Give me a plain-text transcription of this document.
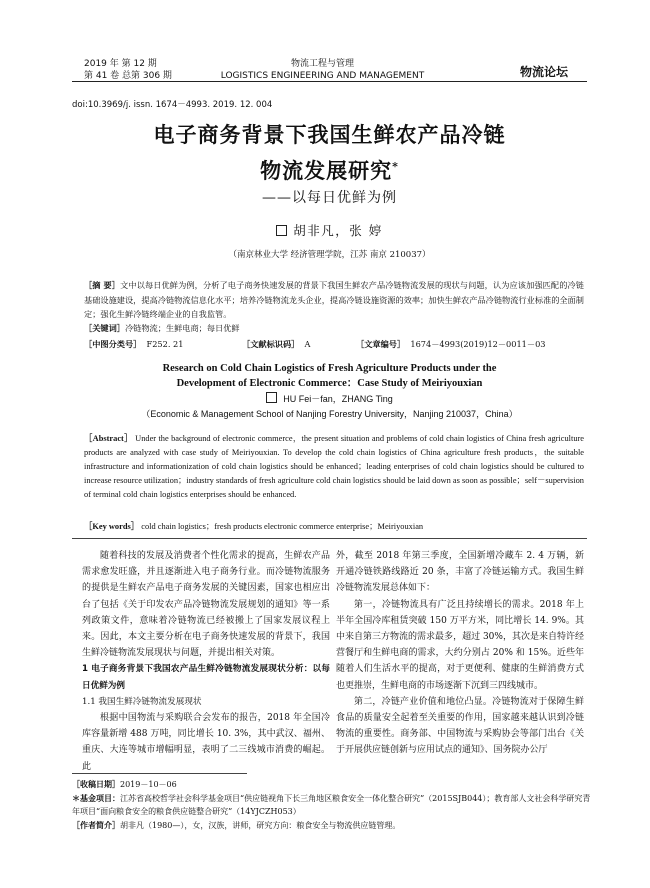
2019 年 第 12 期
第 41 卷 总第 306 期
物流工程与管理
LOGISTICS ENGINEERING AND MANAGEMENT	物流论坛
doi:10.3969/j. issn. 1674－4993. 2019. 12. 004
电子商务背景下我国生鲜农产品冷链
物流发展研究*
——以每日优鲜为例
胡非凡，张 婷
（南京林业大学 经济管理学院，江苏 南京 210037）
［摘 要］文中以每日优鲜为例，分析了电子商务快速发展的背景下我国生鲜农产品冷链物流发展的现状与问题，认为应该加强匹配的冷链基础设施建设，提高冷链物流信息化水平；培养冷链物流龙头企业，提高冷链设施资源的效率；加快生鲜农产品冷链物流行业标准的全面制定；强化生鲜冷链终端企业的自我监管。
［关键词］冷链物流；生鲜电商；每日优鲜
［中图分类号］ F252. 21	［文献标识码］ A	［文章编号］ 1674－4993(2019)12－0011－03
Research on Cold Chain Logistics of Fresh Agriculture Products under the
Development of Electronic Commerce：Case Study of Meiriyouxian
HU Fei－fan，ZHANG Ting
（Economic & Management School of Nanjing Forestry University，Nanjing 210037，China）
［Abstract］ Under the background of electronic commerce，the present situation and problems of cold chain logistics of China fresh agriculture products are analyzed with case study of Meiriyouxian. To develop the cold chain logistics of China agriculture fresh products，the suitable infrastructure and informationization of cold chain logistics should be enhanced；leading enterprises of cold chain logistics should be cultured to increase resource utilization；industry standards of fresh agriculture cold chain logistics should be laid down as soon as possible；self－supervision of terminal cold chain logistics enterprises should be enhanced.
［Key words］ cold chain logistics；fresh products electronic commerce enterprise；Meiriyouxian

随着科技的发展及消费者个性化需求的提高，生鲜农产品需求愈发旺盛，并且逐渐进入电子商务行业。而冷链物流服务的提供是生鲜农产品电子商务发展的关键因素，国家也相应出台了包括《关于印发农产品冷链物流发展规划的通知》等一系列政策文件，意味着冷链物流已经被搬上了国家发展议程上来。因此，本文主要分析在电子商务快速发展的背景下，我国生鲜冷链物流发展现状与问题，并提出相关对策。

1 电子商务背景下我国农产品生鲜冷链物流发展现状分析：以每日优鲜为例

1.1 我国生鲜冷链物流发展现状

根据中国物流与采购联合会发布的报告，2018 年全国冷库容量新增 488 万吨，同比增长 10. 3%，其中武汉、福州、重庆、大连等城市增幅明显，表明了二三线城市消费的崛起。此

外，截至 2018 年第三季度，全国新增冷藏车 2. 4 万辆，新开通冷链铁路线路近 20 条，丰富了冷链运输方式。我国生鲜冷链物流发展总体如下：

第一，冷链物流具有广泛且持续增长的需求。2018 年上半年全国冷库租赁突破 150 万平方米，同比增长 14. 9%。其中来自第三方物流的需求最多，超过 30%，其次是来自特许经营餐厅和生鲜电商的需求，大约分别占 20% 和 15%。近些年随着人们生活水平的提高，对于更便利、健康的生鲜消费方式也更推崇，生鲜电商的市场逐渐下沉到三四线城市。

第二，冷链产业价值和地位凸显。冷链物流对于保障生鲜食品的质量安全起着至关重要的作用，国家越来越认识到冷链物流的重要性。商务部、中国物流与采购协会等部门出台《关于开展供应链创新与应用试点的通知》、国务院办公厅

［收稿日期］2019－10－06

＊基金项目：江苏省高校哲学社会科学基金项目“供应链视角下长三角地区粮食安全一体化整合研究”（2015SJB044）；教育部人文社会科学研究青年项目“面向粮食安全的粮食供应链整合研究”（14YJCZH053）

［作者简介］胡非凡（1980—），女，汉族，讲师，研究方向：粮食安全与物流供应链管理。
